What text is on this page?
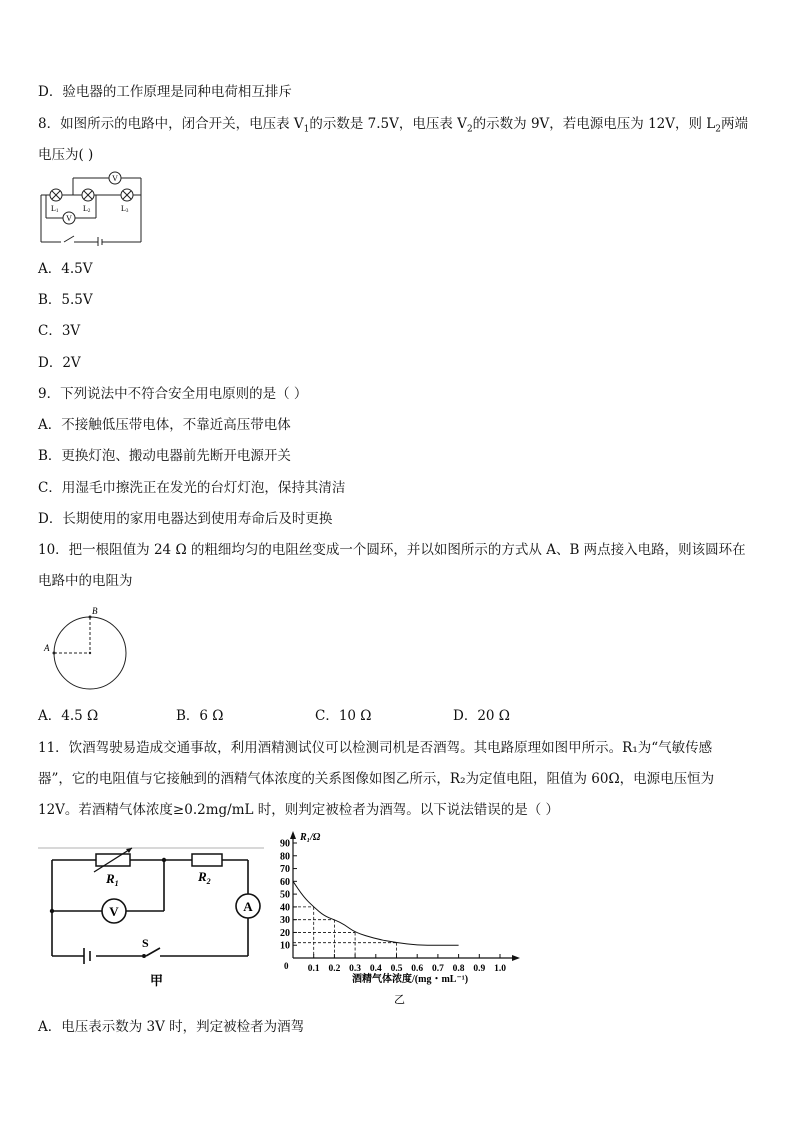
D．验电器的工作原理是同种电荷相互排斥
8．如图所示的电路中，闭合开关，电压表 $V_1$的示数是 7.5V，电压表 $V_2$的示数为 9V，若电源电压为 12V，则 $L_2$两端
电压为( )
V
V
L1	L2	L3
A．4.5V
B．5.5V
C．3V
D．2V
9．下列说法中不符合安全用电原则的是（ ）
A．不接触低压带电体，不靠近高压带电体
B．更换灯泡、搬动电器前先断开电源开关
C．用湿毛巾擦洗正在发光的台灯灯泡，保持其清洁
D．长期使用的家用电器达到使用寿命后及时更换
10．把一根阻值为 24 Ω 的粗细均匀的电阻丝变成一个圆环，并以如图所示的方式从 A、B 两点接入电路，则该圆环在
电路中的电阻为
B
A
A．4.5 Ω	B．6 Ω	C．10 Ω	D．20 Ω
11．饮酒驾驶易造成交通事故，利用酒精测试仪可以检测司机是否酒驾。其电路原理如图甲所示。R₁为“气敏传感
器”，它的电阻值与它接触到的酒精气体浓度的关系图像如图乙所示，R₂为定值电阻，阻值为 60Ω，电源电压恒为
12V。若酒精气体浓度≥0.2mg/mL 时，则判定被检者为酒驾。以下说法错误的是（ ）
V	A
$R_1$	$R_2$
S
甲
90
80
70
60
50
40
30
20
10
0.1 0.2 0.3 0.4 0.5 0.6 0.7 0.8 0.9 1.0
R₁/Ω
0
酒精气体浓度/(mg・mL⁻¹)
乙
A．电压表示数为 3V 时，判定被检者为酒驾
